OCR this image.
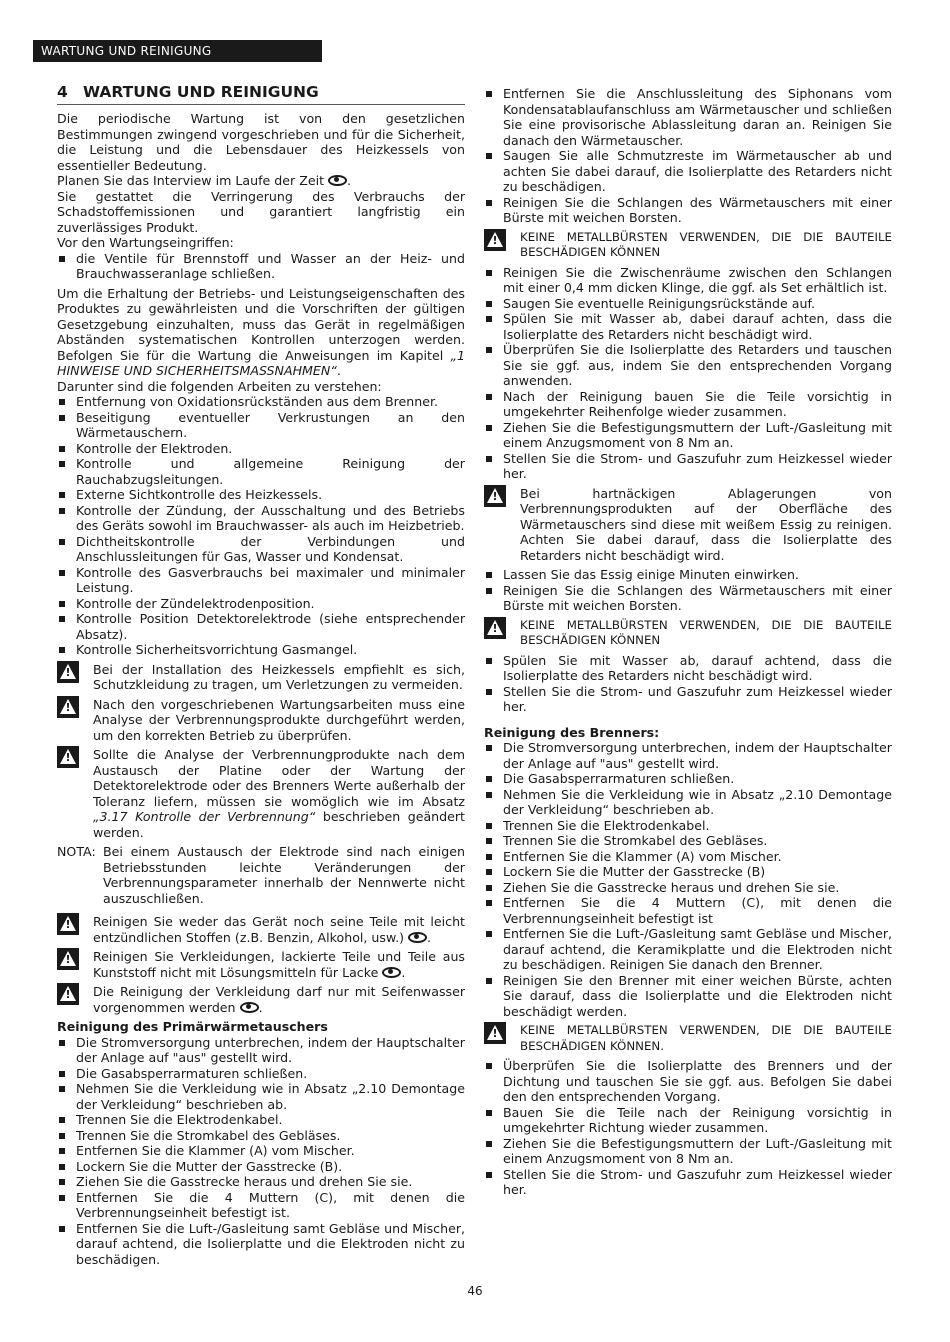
WARTUNG UND REINIGUNG
4 WARTUNG UND REINIGUNG

Die periodische Wartung ist von den gesetzlichen Bestimmungen zwingend vorgeschrieben und für die Sicherheit, die Leistung und die Lebensdauer des Heizkessels von essentieller Bedeutung.

Planen Sie das Interview im Laufe der Zeit .

Sie gestattet die Verringerung des Verbrauchs der Schadstoffemissionen und garantiert langfristig ein zuverlässiges Produkt.

Vor den Wartungseingriffen:

die Ventile für Brennstoff und Wasser an der Heiz- und Brauchwasseranlage schließen.

Um die Erhaltung der Betriebs- und Leistungseigenschaften des Produktes zu gewährleisten und die Vorschriften der gültigen Gesetzgebung einzuhalten, muss das Gerät in regelmäßigen Abständen systematischen Kontrollen unterzogen werden. Befolgen Sie für die Wartung die Anweisungen im Kapitel „1 HINWEISE UND SICHERHEITSMASSNAHMEN“.

Darunter sind die folgenden Arbeiten zu verstehen:

Entfernung von Oxidationsrückständen aus dem Brenner.
Beseitigung eventueller Verkrustungen an den Wärmetauschern.
Kontrolle der Elektroden.
Kontrolle und allgemeine Reinigung der Rauchabzugsleitungen.
Externe Sichtkontrolle des Heizkessels.
Kontrolle der Zündung, der Ausschaltung und des Betriebs des Geräts sowohl im Brauchwasser- als auch im Heizbetrieb.
Dichtheitskontrolle der Verbindungen und Anschlussleitungen für Gas, Wasser und Kondensat.
Kontrolle des Gasverbrauchs bei maximaler und minimaler Leistung.
Kontrolle der Zündelektrodenposition.
Kontrolle Position Detektorelektrode (siehe entsprechender Absatz).
Kontrolle Sicherheitsvorrichtung Gasmangel.
!
Bei der Installation des Heizkessels empfiehlt es sich, Schutzkleidung zu tragen, um Verletzungen zu vermeiden.
!
Nach den vorgeschriebenen Wartungsarbeiten muss eine Analyse der Verbrennungsprodukte durchgeführt werden, um den korrekten Betrieb zu überprüfen.
!
Sollte die Analyse der Verbrennungprodukte nach dem Austausch der Platine oder der Wartung der Detektorelektrode oder des Brenners Werte außerhalb der Toleranz liefern, müssen sie womöglich wie im Absatz „3.17 Kontrolle der Verbrennung“ beschrieben geändert werden.
NOTA: Bei einem Austausch der Elektrode sind nach einigen Betriebsstunden leichte Veränderungen der Verbrennungsparameter innerhalb der Nennwerte nicht auszuschließen.
!
Reinigen Sie weder das Gerät noch seine Teile mit leicht entzündlichen Stoffen (z.B. Benzin, Alkohol, usw.) .
!
Reinigen Sie Verkleidungen, lackierte Teile und Teile aus Kunststoff nicht mit Lösungsmitteln für Lacke .
!
Die Reinigung der Verkleidung darf nur mit Seifenwasser vorgenommen werden .
Reinigung des Primärwärmetauschers
Die Stromversorgung unterbrechen, indem der Hauptschalter der Anlage auf "aus" gestellt wird.
Die Gasabsperrarmaturen schließen.
Nehmen Sie die Verkleidung wie in Absatz „2.10 Demontage der Verkleidung“ beschrieben ab.
Trennen Sie die Elektrodenkabel.
Trennen Sie die Stromkabel des Gebläses.
Entfernen Sie die Klammer (A) vom Mischer.
Lockern Sie die Mutter der Gasstrecke (B).
Ziehen Sie die Gasstrecke heraus und drehen Sie sie.
Entfernen Sie die 4 Muttern (C), mit denen die Verbrennungseinheit befestigt ist.
Entfernen Sie die Luft-/Gasleitung samt Gebläse und Mischer, darauf achtend, die Isolierplatte und die Elektroden nicht zu beschädigen.
Entfernen Sie die Anschlussleitung des Siphonans vom Kondensatablaufanschluss am Wärmetauscher und schließen Sie eine provisorische Ablassleitung daran an. Reinigen Sie danach den Wärmetauscher.
Saugen Sie alle Schmutzreste im Wärmetauscher ab und achten Sie dabei darauf, die Isolierplatte des Retarders nicht zu beschädigen.
Reinigen Sie die Schlangen des Wärmetauschers mit einer Bürste mit weichen Borsten.
!
KEINE METALLBÜRSTEN VERWENDEN, DIE DIE BAUTEILE BESCHÄDIGEN KÖNNEN
Reinigen Sie die Zwischenräume zwischen den Schlangen mit einer 0,4 mm dicken Klinge, die ggf. als Set erhältlich ist.
Saugen Sie eventuelle Reinigungsrückstände auf.
Spülen Sie mit Wasser ab, dabei darauf achten, dass die Isolierplatte des Retarders nicht beschädigt wird.
Überprüfen Sie die Isolierplatte des Retarders und tauschen Sie sie ggf. aus, indem Sie den entsprechenden Vorgang anwenden.
Nach der Reinigung bauen Sie die Teile vorsichtig in umgekehrter Reihenfolge wieder zusammen.
Ziehen Sie die Befestigungsmuttern der Luft-/Gasleitung mit einem Anzugsmoment von 8 Nm an.
Stellen Sie die Strom- und Gaszufuhr zum Heizkessel wieder her.
!
Bei hartnäckigen Ablagerungen von Verbrennungsprodukten auf der Oberfläche des Wärmetauschers sind diese mit weißem Essig zu reinigen. Achten Sie dabei darauf, dass die Isolierplatte des Retarders nicht beschädigt wird.
Lassen Sie das Essig einige Minuten einwirken.
Reinigen Sie die Schlangen des Wärmetauschers mit einer Bürste mit weichen Borsten.
!
KEINE METALLBÜRSTEN VERWENDEN, DIE DIE BAUTEILE BESCHÄDIGEN KÖNNEN
Spülen Sie mit Wasser ab, darauf achtend, dass die Isolierplatte des Retarders nicht beschädigt wird.
Stellen Sie die Strom- und Gaszufuhr zum Heizkessel wieder her.
Reinigung des Brenners:
Die Stromversorgung unterbrechen, indem der Hauptschalter der Anlage auf "aus" gestellt wird.
Die Gasabsperrarmaturen schließen.
Nehmen Sie die Verkleidung wie in Absatz „2.10 Demontage der Verkleidung“ beschrieben ab.
Trennen Sie die Elektrodenkabel.
Trennen Sie die Stromkabel des Gebläses.
Entfernen Sie die Klammer (A) vom Mischer.
Lockern Sie die Mutter der Gasstrecke (B)
Ziehen Sie die Gasstrecke heraus und drehen Sie sie.
Entfernen Sie die 4 Muttern (C), mit denen die Verbrennungseinheit befestigt ist
Entfernen Sie die Luft-/Gasleitung samt Gebläse und Mischer, darauf achtend, die Keramikplatte und die Elektroden nicht zu beschädigen. Reinigen Sie danach den Brenner.
Reinigen Sie den Brenner mit einer weichen Bürste, achten Sie darauf, dass die Isolierplatte und die Elektroden nicht beschädigt werden.
!
KEINE METALLBÜRSTEN VERWENDEN, DIE DIE BAUTEILE BESCHÄDIGEN KÖNNEN.
Überprüfen Sie die Isolierplatte des Brenners und der Dichtung und tauschen Sie sie ggf. aus. Befolgen Sie dabei den den entsprechenden Vorgang.
Bauen Sie die Teile nach der Reinigung vorsichtig in umgekehrter Richtung wieder zusammen.
Ziehen Sie die Befestigungsmuttern der Luft-/Gasleitung mit einem Anzugsmoment von 8 Nm an.
Stellen Sie die Strom- und Gaszufuhr zum Heizkessel wieder her.
46
